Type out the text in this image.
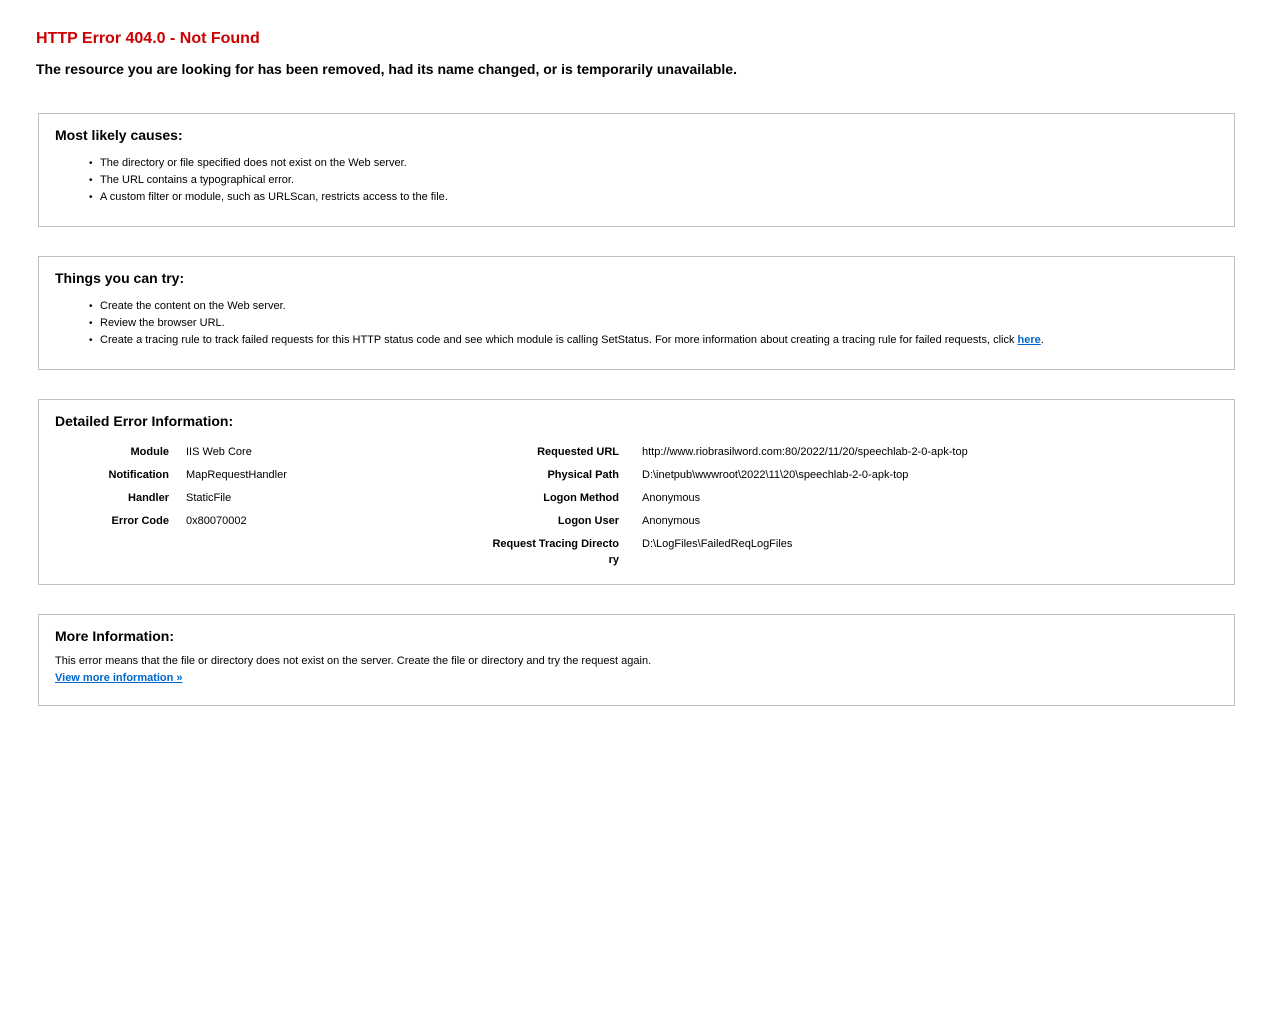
HTTP Error 404.0 - Not Found
The resource you are looking for has been removed, had its name changed, or is temporarily unavailable.
Most likely causes:
• The directory or file specified does not exist on the Web server.
• The URL contains a typographical error.
• A custom filter or module, such as URLScan, restricts access to the file.
Things you can try:
• Create the content on the Web server.
• Review the browser URL.
• Create a tracing rule to track failed requests for this HTTP status code and see which module is calling SetStatus. For more information about creating a tracing rule for failed requests, click here.
Detailed Error Information:
Module IIS Web Core
Notification MapRequestHandler
Handler StaticFile
Error Code 0x80070002
Requested URL http://www.riobrasilword.com:80/2022/11/20/speechlab-2-0-apk-top
Physical Path D:\inetpub\wwwroot\2022\11\20\speechlab-2-0-apk-top
Logon Method Anonymous
Logon User Anonymous
Request Tracing Directo
ry
D:\LogFiles\FailedReqLogFiles
More Information:
This error means that the file or directory does not exist on the server. Create the file or directory and try the request again.
View more information »
